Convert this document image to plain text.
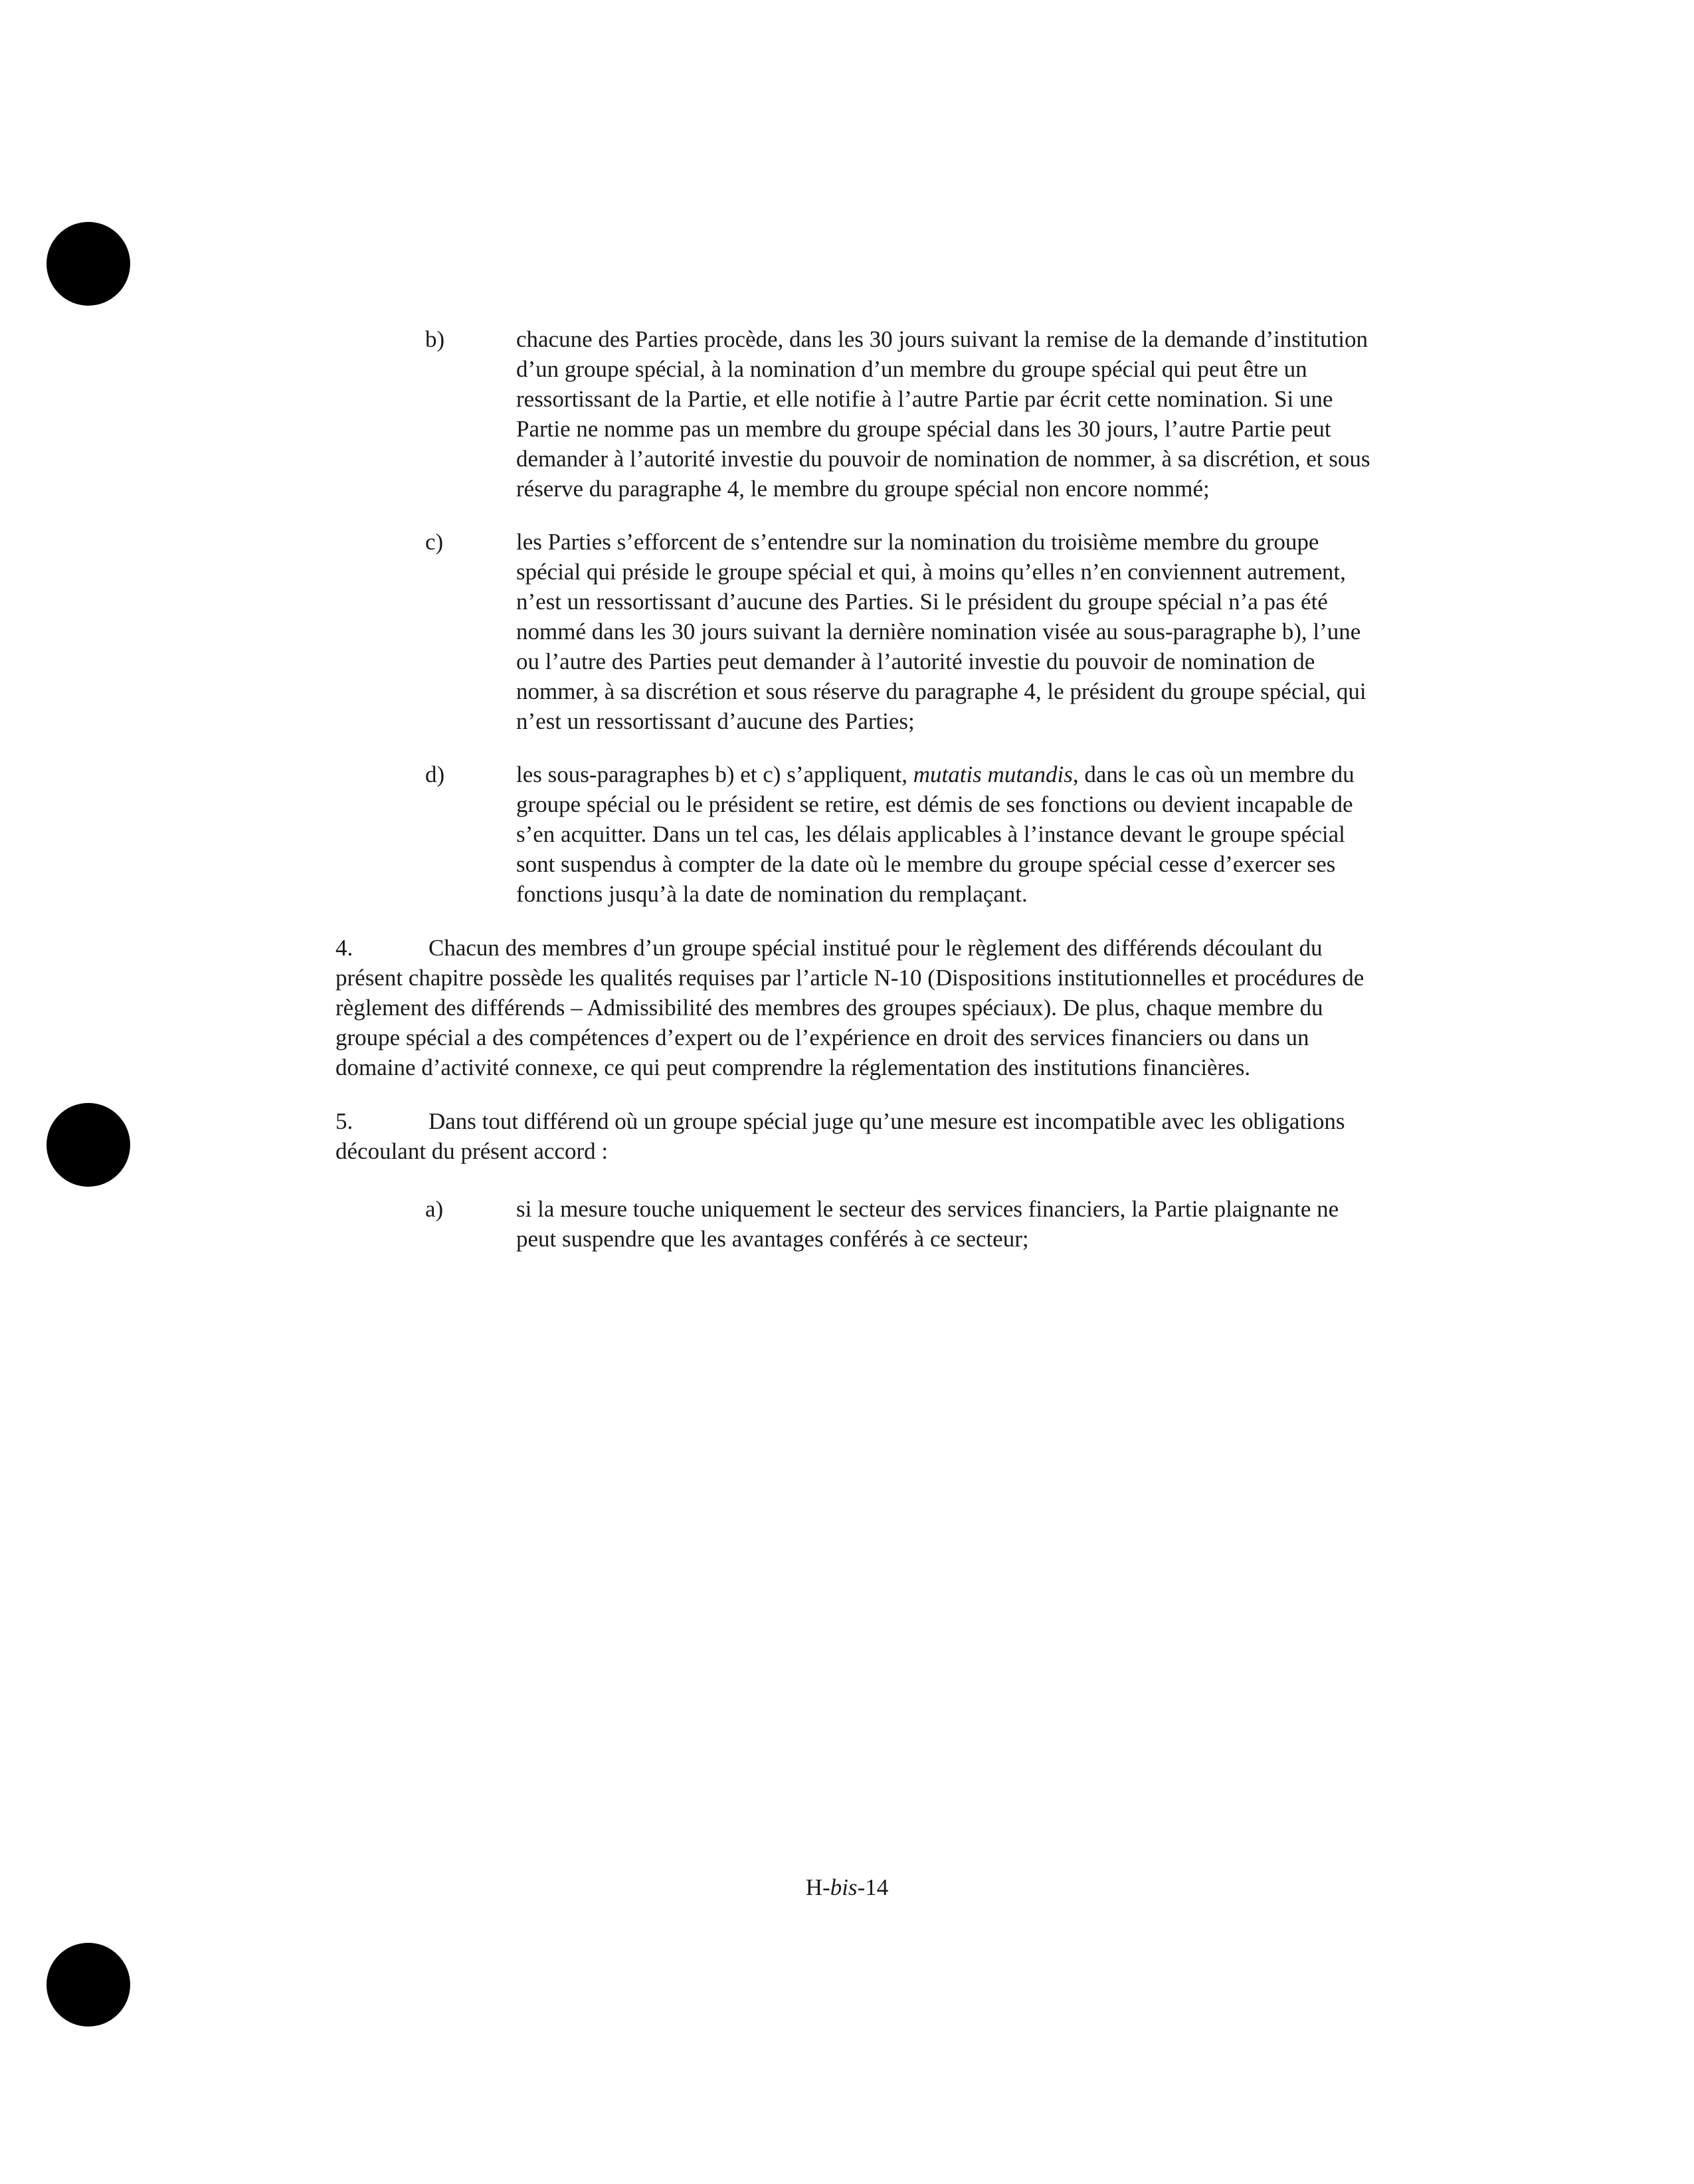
b)	chacune des Parties procède, dans les 30 jours suivant la remise de la demande d’institution d’un groupe spécial, à la nomination d’un membre du groupe spécial qui peut être un ressortissant de la Partie, et elle notifie à l’autre Partie par écrit cette nomination. Si une Partie ne nomme pas un membre du groupe spécial dans les 30 jours, l’autre Partie peut demander à l’autorité investie du pouvoir de nomination de nommer, à sa discrétion, et sous réserve du paragraphe 4, le membre du groupe spécial non encore nommé;
c)	les Parties s’efforcent de s’entendre sur la nomination du troisième membre du groupe spécial qui préside le groupe spécial et qui, à moins qu’elles n’en conviennent autrement, n’est un ressortissant d’aucune des Parties. Si le président du groupe spécial n’a pas été nommé dans les 30 jours suivant la dernière nomination visée au sous-paragraphe b), l’une ou l’autre des Parties peut demander à l’autorité investie du pouvoir de nomination de nommer, à sa discrétion et sous réserve du paragraphe 4, le président du groupe spécial, qui n’est un ressortissant d’aucune des Parties;
d)	les sous-paragraphes b) et c) s’appliquent, mutatis mutandis, dans le cas où un membre du groupe spécial ou le président se retire, est démis de ses fonctions ou devient incapable de s’en acquitter. Dans un tel cas, les délais applicables à l’instance devant le groupe spécial sont suspendus à compter de la date où le membre du groupe spécial cesse d’exercer ses fonctions jusqu’à la date de nomination du remplaçant.
4.	Chacun des membres d’un groupe spécial institué pour le règlement des différends découlant du présent chapitre possède les qualités requises par l’article N-10 (Dispositions institutionnelles et procédures de règlement des différends – Admissibilité des membres des groupes spéciaux). De plus, chaque membre du groupe spécial a des compétences d’expert ou de l’expérience en droit des services financiers ou dans un domaine d’activité connexe, ce qui peut comprendre la réglementation des institutions financières.
5.	Dans tout différend où un groupe spécial juge qu’une mesure est incompatible avec les obligations découlant du présent accord :
a)	si la mesure touche uniquement le secteur des services financiers, la Partie plaignante ne peut suspendre que les avantages conférés à ce secteur;
H-bis-14
